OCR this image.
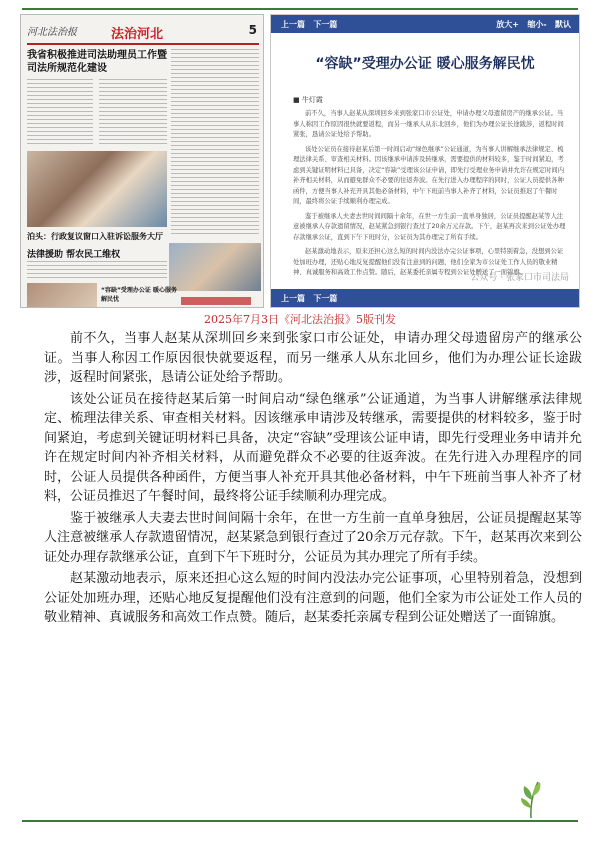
河北法治报	法治河北	5
我省积极推进司法助理员工作暨司法所规范化建设
泊头：行政复议窗口入驻诉讼服务大厅
法律援助 帮农民工维权
“容缺”受理办公证 暖心服务解民忧
上一篇 下一篇	放大+ 缩小- 默认
“容缺”受理办公证 暖心服务解民忧
■ 牛灯霞

前不久，当事人赵某从深圳回乡来到张家口市公证处，申请办理父母遗留房产的继承公证。当事人称因工作原因很快就要返程，而另一继承人从东北回乡，他们为办理公证长途跋涉，返程时间紧张，恳请公证处给予帮助。

该处公证员在接待赵某后第一时间启动“绿色继承”公证通道，为当事人讲解继承法律规定、梳理法律关系、审查相关材料。因该继承申请涉及转继承，需要提供的材料较多，鉴于时间紧迫，考虑到关键证明材料已具备，决定“容缺”受理该公证申请，即先行受理业务申请并允许在规定时间内补齐相关材料，从而避免群众不必要的往返奔波。在先行进入办理程序的同时，公证人员提供各种函件，方便当事人补充开具其他必备材料，中午下班前当事人补齐了材料，公证员推迟了午餐时间，最终将公证手续顺利办理完成。

鉴于被继承人夫妻去世时间间隔十余年，在世一方生前一直单身独居，公证员提醒赵某等人注意被继承人存款遗留情况，赵某紧急到银行查过了20余万元存款。下午，赵某再次来到公证处办理存款继承公证，直到下午下班时分，公证员为其办理完了所有手续。

赵某激动地表示，原来还担心这么短的时间内没法办完公证事项，心里特别着急，没想到公证处加班办理，还贴心地反复提醒他们没有注意到的问题，他们全家为市公证处工作人员的敬业精神、真诚服务和高效工作点赞。随后，赵某委托亲属专程到公证处赠送了一面锦旗。

公众号 · 张家口市司法局
上一篇 下一篇
2025年7月3日《河北法治报》5版刊发

前不久，当事人赵某从深圳回乡来到张家口市公证处，申请办理父母遗留房产的继承公证。当事人称因工作原因很快就要返程，而另一继承人从东北回乡，他们为办理公证长途跋涉，返程时间紧张，恳请公证处给予帮助。

该处公证员在接待赵某后第一时间启动“绿色继承”公证通道，为当事人讲解继承法律规定、梳理法律关系、审查相关材料。因该继承申请涉及转继承，需要提供的材料较多，鉴于时间紧迫，考虑到关键证明材料已具备，决定“容缺”受理该公证申请，即先行受理业务申请并允许在规定时间内补齐相关材料，从而避免群众不必要的往返奔波。在先行进入办理程序的同时，公证人员提供各种函件，方便当事人补充开具其他必备材料，中午下班前当事人补齐了材料，公证员推迟了午餐时间，最终将公证手续顺利办理完成。

鉴于被继承人夫妻去世时间间隔十余年，在世一方生前一直单身独居，公证员提醒赵某等人注意被继承人存款遗留情况，赵某紧急到银行查过了20余万元存款。下午，赵某再次来到公证处办理存款继承公证，直到下午下班时分，公证员为其办理完了所有手续。

赵某激动地表示，原来还担心这么短的时间内没法办完公证事项，心里特别着急，没想到公证处加班办理，还贴心地反复提醒他们没有注意到的问题，他们全家为市公证处工作人员的敬业精神、真诚服务和高效工作点赞。随后，赵某委托亲属专程到公证处赠送了一面锦旗。
